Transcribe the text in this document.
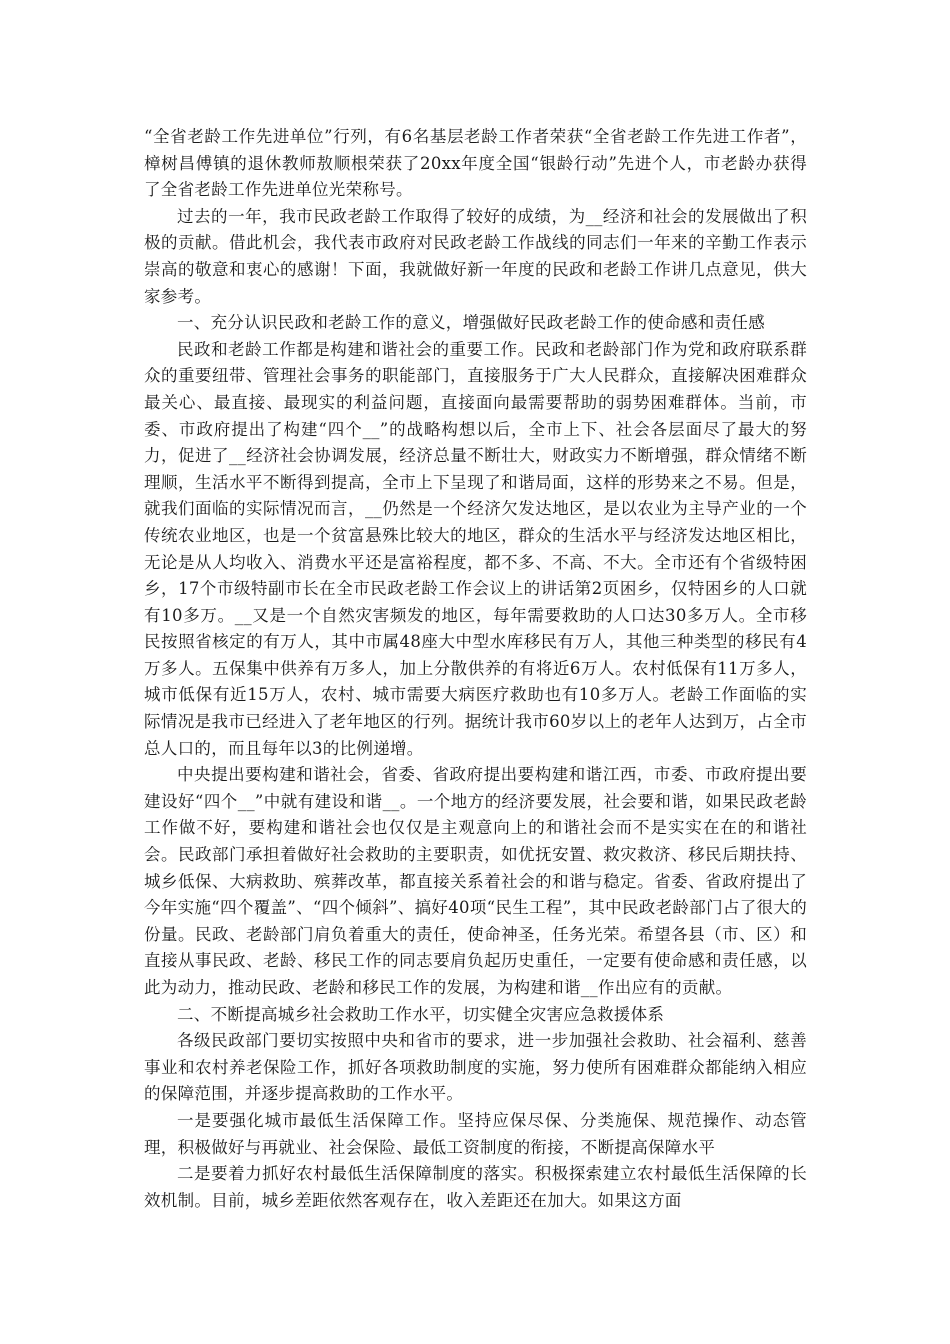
“全省老龄工作先进单位”行列，有6名基层老龄工作者荣获“全省老龄工作先进工作者”，樟树昌傅镇的退休教师敖顺根荣获了20xx年度全国“银龄行动”先进个人，市老龄办获得了全省老龄工作先进单位光荣称号。

过去的一年，我市民政老龄工作取得了较好的成绩，为__经济和社会的发展做出了积极的贡献。借此机会，我代表市政府对民政老龄工作战线的同志们一年来的辛勤工作表示崇高的敬意和衷心的感谢！下面，我就做好新一年度的民政和老龄工作讲几点意见，供大家参考。

一、充分认识民政和老龄工作的意义，增强做好民政老龄工作的使命感和责任感

民政和老龄工作都是构建和谐社会的重要工作。民政和老龄部门作为党和政府联系群众的重要纽带、管理社会事务的职能部门，直接服务于广大人民群众，直接解决困难群众最关心、最直接、最现实的利益问题，直接面向最需要帮助的弱势困难群体。当前，市委、市政府提出了构建“四个__”的战略构想以后，全市上下、社会各层面尽了最大的努力，促进了__经济社会协调发展，经济总量不断壮大，财政实力不断增强，群众情绪不断理顺，生活水平不断得到提高，全市上下呈现了和谐局面，这样的形势来之不易。但是，就我们面临的实际情况而言，__仍然是一个经济欠发达地区，是以农业为主导产业的一个传统农业地区，也是一个贫富悬殊比较大的地区，群众的生活水平与经济发达地区相比，无论是从人均收入、消费水平还是富裕程度，都不多、不高、不大。全市还有个省级特困乡，17个市级特副市长在全市民政老龄工作会议上的讲话第2页困乡，仅特困乡的人口就有10多万。__又是一个自然灾害频发的地区，每年需要救助的人口达30多万人。全市移民按照省核定的有万人，其中市属48座大中型水库移民有万人，其他三种类型的移民有4万多人。五保集中供养有万多人，加上分散供养的有将近6万人。农村低保有11万多人，城市低保有近15万人，农村、城市需要大病医疗救助也有10多万人。老龄工作面临的实际情况是我市已经进入了老年地区的行列。据统计我市60岁以上的老年人达到万，占全市总人口的，而且每年以3的比例递增。

中央提出要构建和谐社会，省委、省政府提出要构建和谐江西，市委、市政府提出要建设好“四个__”中就有建设和谐__。一个地方的经济要发展，社会要和谐，如果民政老龄工作做不好，要构建和谐社会也仅仅是主观意向上的和谐社会而不是实实在在的和谐社会。民政部门承担着做好社会救助的主要职责，如优抚安置、救灾救济、移民后期扶持、城乡低保、大病救助、殡葬改革，都直接关系着社会的和谐与稳定。省委、省政府提出了今年实施“四个覆盖”、“四个倾斜”、搞好40项“民生工程”，其中民政老龄部门占了很大的份量。民政、老龄部门肩负着重大的责任，使命神圣，任务光荣。希望各县（市、区）和直接从事民政、老龄、移民工作的同志要肩负起历史重任，一定要有使命感和责任感，以此为动力，推动民政、老龄和移民工作的发展，为构建和谐__作出应有的贡献。

二、不断提高城乡社会救助工作水平，切实健全灾害应急救援体系

各级民政部门要切实按照中央和省市的要求，进一步加强社会救助、社会福利、慈善事业和农村养老保险工作，抓好各项救助制度的实施，努力使所有困难群众都能纳入相应的保障范围，并逐步提高救助的工作水平。

一是要强化城市最低生活保障工作。坚持应保尽保、分类施保、规范操作、动态管理，积极做好与再就业、社会保险、最低工资制度的衔接，不断提高保障水平

二是要着力抓好农村最低生活保障制度的落实。积极探索建立农村最低生活保障的长效机制。目前，城乡差距依然客观存在，收入差距还在加大。如果这方面
